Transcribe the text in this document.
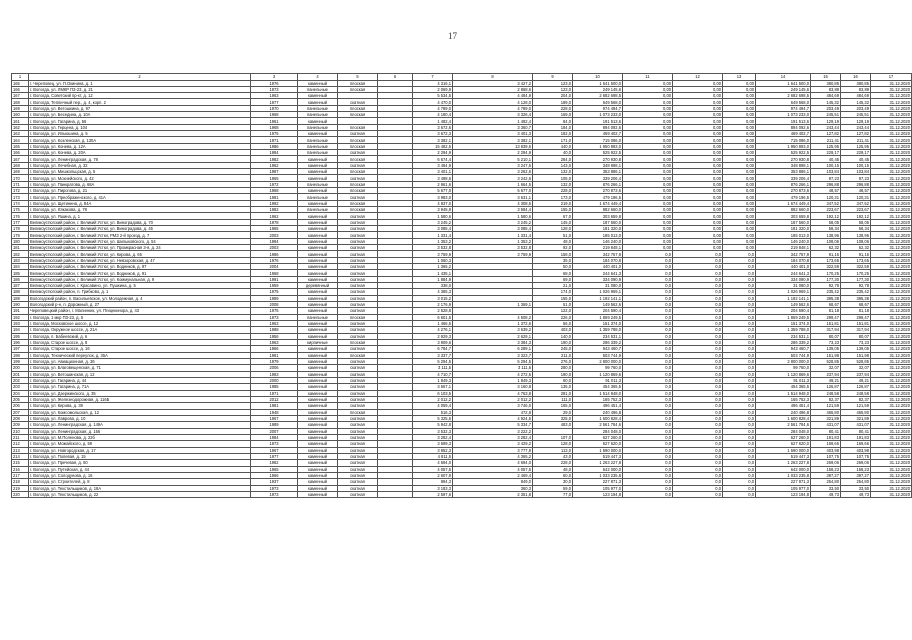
17
1	2	3	4	5	6	7	8	9	10	11	12	13	14	15	16	17
165	г. Череповец, ул. П.Окинина, д. 1	1976	каменный	плоская		4 316,1	3 427,2	123,0	1 641 500,0	0,00	0,00	0,00	1 641 500,0	380,85	380,85	31.12.2020
166	г. Вологда, ул. ЛМКР ПЗ-23, д. 21	1973	панельные	плоская		2 069,9	2 868,6	123,0	249 145,6	0,00	0,00	0,00	249 145,6	83,89	83,89	31.12.2020
167	г. Вологда, Советский пр-кт, д. 12	1963	каменный			5 534,5	4 484,9	204,0	2 682 698,5	0,00	0,00	0,00	2 682 698,5	484,69	484,69	31.12.2020
168	г. Вологда, Тепличный пер., д. 4, корп. 2	1977	каменный	скатная		4 470,0	4 128,0	189,0	649 568,0	0,00	0,00	0,00	649 568,0	145,32	145,32	31.12.2020
169	г. Вологда, ул. Ветошкина, д. 97	1970	панельные	плоская		4 789,0	4 789,0	228,0	974 494,7	0,00	0,00	0,00	974 494,7	203,49	203,49	31.12.2020
160	г. Вологда, ул. Беседина, д. 10А	1968	панельные	плоская		4 180,4	3 326,4	169,0	1 073 233,0	0,00	0,00	0,00	1 073 233,0	245,51	245,51	31.12.2020
161	г. Вологда, ул. Гагарина, д. 56	1961	каменный			1 482,4	1 482,4	84,0	191 513,6	0,00	0,00	0,00	191 513,6	129,19	129,19	31.12.2020
162	г. Вологда, ул. Герцена, д. 104	1968	панельные	плоская		3 672,6	3 360,7	184,0	894 092,6	0,00	0,00	0,00	894 092,6	243,44	243,44	31.12.2020
163	г. Вологда, ул. Ильюшина, д. 5	1975	каменный	скатная		3 672,3	3 401,3	182,0	469 402,7	0,00	0,00	0,00	469 402,7	127,82	127,82	31.12.2020
164	г. Вологда, ул. Козленская, д. 130А	1971	панельные	плоская		3 382,1	3 382,1	171,0	715 086,0	0,00	0,00	0,00	715 086,0	211,41	211,41	31.12.2020
165	г. Вологда, ул. Конева, д. 12А	1986	панельные	плоская		15 482,5	13 839,6	440,0	1 950 893,0	0,00	0,00	0,00	1 950 893,0	125,95	125,95	31.12.2020
166	г. Вологда, ул. Конева, д. 20А	1984	панельные	скатная		2 294,9	2 294,9	40,0	525 922,5	0,00	0,00	0,00	525 922,5	229,17	229,17	31.12.2020
167	г. Вологда, ул. Ленинградская, д. 78	1982	каменный	плоская		6 674,4	5 210,1	284,0	270 930,8	0,00	0,00	0,00	270 930,8	40,45	40,45	31.12.2020
168	г. Вологда, ул. Лечебная, д. 32	1962	каменный	скатная		3 484,9	3 247,5	143,0	348 898,1	0,00	0,00	0,00	348 898,1	100,15	100,15	31.12.2020
169	г. Вологда, ул. Мишкольцская, д. 5	1987	каменный	плоская		3 401,1	3 262,6	132,0	353 886,1	0,00	0,00	0,00	353 886,1	103,84	103,84	31.12.2020
170	г. Вологда, ул. Мохнейского, д. 42	1965	каменный	скатная		3 498,6	3 242,6	105,0	339 206,4	0,00	0,00	0,00	339 206,4	97,23	97,23	31.12.2020
171	г. Вологда, ул. Панкратова, д. 68А	1972	панельные	плоская		2 961,6	1 664,5	132,0	876 266,1	0,00	0,00	0,00	876 266,1	296,88	296,88	31.12.2020
172	г. Вологда, ул. Пирогова, д. 21	1968	каменный	плоская		5 677,0	5 677,0	228,0	270 873,6	0,00	0,00	0,00	270 873,6	48,57	48,57	31.12.2020
173	г. Вологда, ул. Преображенского, д. 41А	1981	панельные	скатная		3 983,0	3 631,1	173,0	479 196,5	0,00	0,00	0,00	479 196,5	120,31	120,31	31.12.2020
174	г. Вологда, ул. Щетинина, д. 84А	1992	каменный	плоская		4 837,0	4 308,5	219,0	1 674 449,4	0,00	0,00	0,00	1 674 449,4	347,52	347,52	31.12.2020
175	г. Вологда, ул. Южакова, д. 78	1982	панельные	плоская		3 945,9	3 584,4	155,0	882 660,0	0,00	0,00	0,00	882 660,0	223,67	223,67	31.12.2020
176	г. Вологда, ул. Яшина, д. 1	1962	каменный	скатная		1 580,6	1 580,6	67,0	303 659,8	0,00	0,00	0,00	303 659,8	192,12	192,12	31.12.2020
177	Великоустюгский район, г. Великий Устюг, ул. Виноградова, д. 70	1978	каменный	скатная		3 245,2	3 245,2	145,0	187 560,0	0,00	0,00	0,00	187 560,0	58,05	58,05	31.12.2020
178	Великоустюгский район, г. Великий Устюг, ул. Виноградова, д. 45	1965	каменный	скатная		3 085,4	3 085,4	128,0	181 320,0	0,00	0,00	0,00	181 320,0	58,34	58,34	31.12.2020
179	Великоустюгский район, г. Великий Устюг, РМЗ 2-й проезд, д. 7	2003	каменный	скатная		1 331,4	1 331,4	51,0	185 013,0	0,00	0,00	0,00	185 013,0	138,96	138,96	31.12.2020
180	Великоустюгский район, г. Великий Устюг, ул. Шилыковского, д. 54	1994	каменный	скатная		1 353,2	1 353,2	48,0	146 240,0	0,00	0,00	0,00	146 240,0	108,06	108,06	31.12.2020
181	Великоустюгский район, г. Великий Устюг, ул. Промкрасная 3-я, д. 24	2003	каменный	скатная		3 532,8	3 532,8	92,0	219 848,1	0,00	0,00	0,00	219 848,1	62,32	62,32	31.12.2020
182	Великоустюгский район, г. Великий Устюг, ул. Кирова, д. 65	1986	каменный	скатная		3 759,9	3 759,9	158,0	342 757,9	0,0	0,0	0,0	342 757,9	91,16	91,16	31.12.2020
183	Великоустюгский район, г. Великий Устюг, ул. Невзоровская, д. 47	1976	каменный	скатная		1 060,3		35,0	184 070,8	0,0	0,0	0,0	184 070,8	173,65	173,65	31.12.2020
184	Великоустюгский район, г. Великий Устюг, ул. Водников, д. 97	2004	каменный	скатная		1 365,2		50,0	440 401,0	0,0	0,0	0,0	440 401,0	322,59	322,59	31.12.2020
185	Великоустюгский район, г. Великий Устюг, ул. Водников, д. 91	1968	каменный	скатная		1 435,1		68,0	244 641,3	0,0	0,0	0,0	244 641,3	170,25	170,25	31.12.2020
186	Великоустюгский район, г. Великий Устюг, ул. Коммунальная, д. 9	1991	каменный	скатная		1 884,9		69,0	334 090,9	0,0	0,0	0,0	334 090,9	177,30	177,30	31.12.2020
187	Великоустюгский район, г. Красавино, ул. Пушкина, д. 5	1959	деревянный	скатная		338,0		21,0	31 080,0	0,0	0,0	0,0	31 080,0	92,78	92,78	31.12.2020
188	Великоустюгский район, п. Грибково, д. 1	1975	каменный	скатная		4 385,3		174,0	1 026 969,1	0,0	0,0	0,0	1 026 969,1	235,42	235,42	31.12.2020
189	Вологодский район, п. Васильевское, ул. Молодежная, д. 4	1989	каменный	скатная		3 015,2		155,0	1 192 141,1	0,0	0,0	0,0	1 192 141,1	395,38	395,38	31.12.2020
190	Вологодский р-н, п. Дорожный, д. 27	2008	каменный	скатная		2 176,9	1 369,1	51,0	149 562,6	0,0	0,0	0,0	149 562,6	68,67	68,67	31.12.2020
191	Череповецкий район, г. Малинник, ул. Пгицекинора, д. 43	1975	каменный	скатная		2 528,8		122,0	204 590,4	0,0	0,0	0,0	204 590,4	81,18	81,18	31.12.2020
192	г. Вологда, 1 мкр ПЗ-23, д. 5	1973	панельные	плоская		6 601,5	4 508,2	226,0	1 869 249,5	0,0	0,0	0,0	1 869 249,5	299,47	299,47	31.12.2020
193	г. Вологда, Московское шоссе, д. 12	1963	каменный	скатная		1 466,5	1 372,6	56,0	151 374,0	0,0	0,0	0,0	151 374,0	151,81	151,81	31.12.2020
194	г. Вологда, Окружное шоссе, д. 21А	1988	каменный	скатная		4 276,1	3 639,2	403,0	1 359 788,0	0,0	0,0	0,0	1 359 788,0	317,94	317,94	31.12.2020
195	г. Вологда, п. Бабеевский, д. 6	1956	каменный	скатная		2 929,3	2 629,1	140,0	234 531,1	0,0	0,0	0,0	234 531,1	80,07	80,07	31.12.2020
196	г. Вологда, Старое шоссе, д. 8	1963	кирпичные	плоская		3 909,6	3 384,3	190,0	286 339,2	0,0	0,0	0,0	286 339,2	73,23	73,23	31.12.2020
197	г. Вологда, Старое шоссе, д. 16	1966	каменный	скатная		6 784,7	6 289,1	245,0	943 460,7	0,0	0,0	0,0	943 460,7	139,05	139,05	31.12.2020
198	г. Вологда, Технический переулок, д. 35А	1981	каменный	плоская		3 337,7	3 323,7	211,0	503 744,9	0,0	0,0	0,0	503 744,9	151,98	151,98	31.12.2020
199	г. Вологда, ул. Авиационная, д. 36	1979	каменный	скатная		5 294,5	5 294,5	276,0	2 800 000,0	0,0	0,0	0,0	2 800 000,0	528,85	528,85	31.12.2020
200	г. Вологда, ул. Благовещенская, д. 71	2006	каменный	скатная		3 111,5	3 111,6	280,0	99 760,0	0,0	0,0	0,0	99 760,0	32,07	32,07	31.12.2020
201	г. Вологда, ул. Ветошинская, д. 12	1983	каменный	скатная		4 710,7	4 272,5	190,0	1 120 869,6	0,0	0,0	0,0	1 120 869,6	237,94	237,94	31.12.2020
202	г. Вологда, ул. Гагарина, д. 44	2000	каменный	скатная		1 849,3	1 849,3	60,0	91 011,3	0,0	0,0	0,0	91 011,3	49,21	49,21	31.12.2020
203	г. Вологда, ул. Гагарина, д. 71А	1985	каменный	скатная		3 567,1	3 160,8	135,0	454 365,5	0,0	0,0	0,0	454 365,5	126,87	126,87	31.12.2020
204	г. Вологда, ул. Дзержинского, д. 35	1971	каменный	скатная		6 103,5	4 763,8	281,0	1 514 948,0	0,0	0,0	0,0	1 514 948,0	248,58	248,58	31.12.2020
205	г. Вологда, ул. Железнодорожная, д. 116Б	2012	каменный	скатная		2 012,2	2 012,2	111,0	165 752,3	0,0	0,0	0,0	165 752,3	82,37	82,37	31.12.2020
206	г. Вологда, ул. Кирова, д. 39	1981	каменный	скатная		4 059,4	3 746,0	165,0	496 451,4	0,0	0,0	0,0	496 451,4	121,59	121,59	31.12.2020
207	г. Вологда, ул. Комсомольская, д. 12	1948	каменный	плоская		516,3	472,8	29,0	240 496,8	0,0	0,0	0,0	240 496,8	465,80	465,80	31.12.2020
208	г. Вологда, ул. Лаврова, д. 10	1967	каменный	скатная		5 325,6	4 924,5	325,0	1 600 828,4	0,0	0,0	0,0	1 600 828,4	321,89	321,89	31.12.2020
209	г. Вологда, ул. Ленинградская, д. 149А	1989	каменный	скатная		5 942,8	5 334,7	483,0	2 561 784,6	0,0	0,0	0,0	2 561 784,6	431,07	431,07	31.12.2020
210	г. Вологда, ул. Ленинградская, д. 156	2007	каменный	скатная		3 532,3	3 222,2		284 048,0	0,0	0,0	0,0	284 048,0	80,41	80,41	31.12.2020
211	г. Вологда, ул. М.Поленова, д. 22б	1984	каменный	скатная		3 282,4	3 282,4	107,0	627 260,0	0,0	0,0	0,0	627 260,0	191,83	191,83	31.12.2020
212	г. Вологда, ул. Можайского, д. 59	1973	каменный	скатная		3 699,3	3 429,2	128,0	627 620,0	0,0	0,0	0,0	627 620,0	169,66	169,66	31.12.2020
213	г. Вологда, ул. Новгородская, д. 17	1967	каменный	скатная		3 952,3	3 777,9	113,0	1 590 000,0	0,0	0,0	0,0	1 590 000,0	403,98	403,98	31.12.2020
214	г. Вологда, ул. Полевая, д. 15	1977	каменный	скатная		4 811,5	4 365,2	43,0	519 447,3	0,0	0,0	0,0	519 447,3	107,75	107,75	31.12.2020
215	г. Вологда, ул. Пречевая, д. 60	1982	каменный	скатная		4 694,0	4 694,0	228,0	1 263 227,8	0,0	0,0	0,0	1 263 227,8	269,06	269,06	31.12.2020
216	г. Вологда, ул. Путейская, д. 44	1965	каменный	скатная		4 057,5	4 057,5	48,0	642 000,0	0,0	0,0	0,0	642 000,0	158,23	158,23	31.12.2020
217	г. Вологда, ул. Солодунова, д. 16	1966	каменный	скатная		2 607,9	2 469,4	60,0	1 033 235,8	0,0	0,0	0,0	1 033 235,8	397,27	397,27	31.12.2020
218	г. Вологда, ул. Строителей, д. 8	1937	каменный	скатная		894,3	849,0	30,0	227 871,3	0,0	0,0	0,0	227 871,3	254,80	254,80	31.12.2020
219	г. Вологда, ул. Текстильщиков, д. 18А	1973	каменный	скатная		3 183,3	360,3	59,0	105 977,0	0,0	0,0	0,0	105 977,0	33,50	33,50	31.12.2020
220	г. Вологда, ул. Текстильщиков, д. 22	1973	каменный	скатная		2 597,6	2 351,8	77,0	123 194,8	0,0	0,0	0,0	123 194,8	49,73	49,73	31.12.2020
